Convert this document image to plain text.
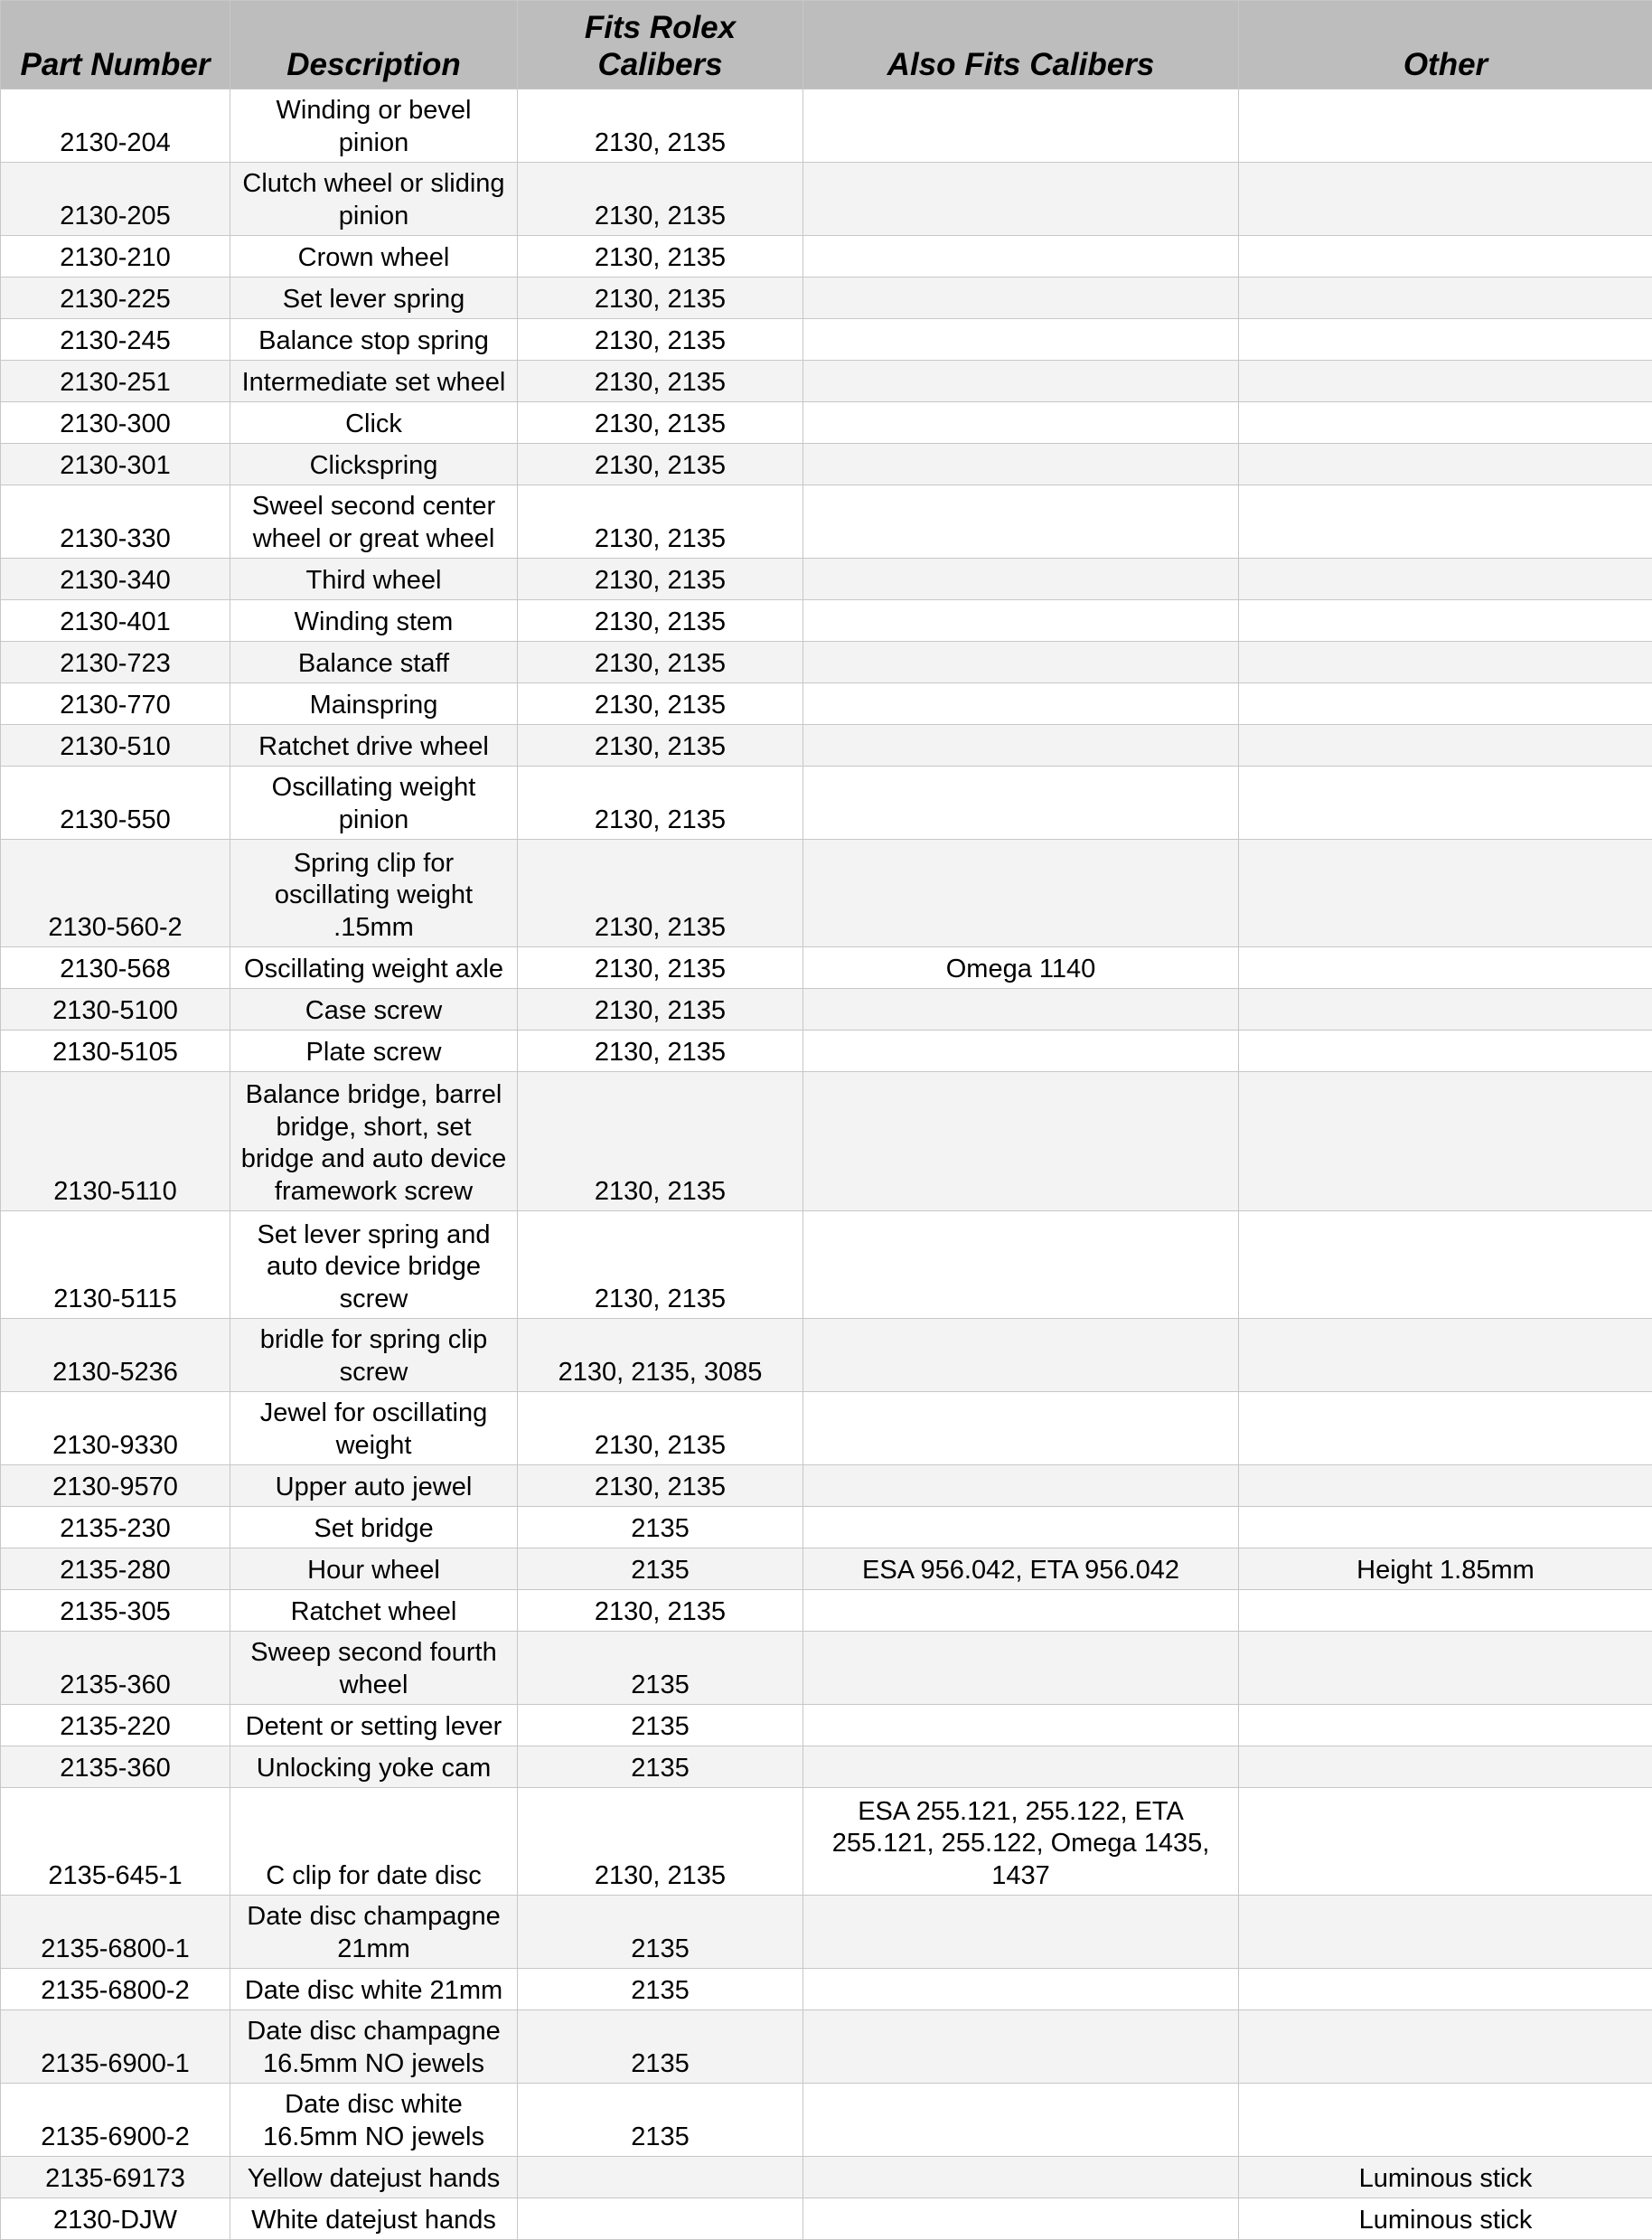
Part Number	Description	Fits Rolex Calibers	Also Fits Calibers	Other
2130-204	Winding or bevel pinion	2130, 2135		
2130-205	Clutch wheel or sliding pinion	2130, 2135		
2130-210	Crown wheel	2130, 2135		
2130-225	Set lever spring	2130, 2135		
2130-245	Balance stop spring	2130, 2135		
2130-251	Intermediate set wheel	2130, 2135		
2130-300	Click	2130, 2135		
2130-301	Clickspring	2130, 2135		
2130-330	Sweel second center wheel or great wheel	2130, 2135		
2130-340	Third wheel	2130, 2135		
2130-401	Winding stem	2130, 2135		
2130-723	Balance staff	2130, 2135		
2130-770	Mainspring	2130, 2135		
2130-510	Ratchet drive wheel	2130, 2135		
2130-550	Oscillating weight pinion	2130, 2135		
2130-560-2	Spring clip for oscillating weight .15mm	2130, 2135		
2130-568	Oscillating weight axle	2130, 2135	Omega 1140	
2130-5100	Case screw	2130, 2135		
2130-5105	Plate screw	2130, 2135		
2130-5110	Balance bridge, barrel bridge, short, set bridge and auto device framework screw	2130, 2135		
2130-5115	Set lever spring and auto device bridge screw	2130, 2135		
2130-5236	bridle for spring clip screw	2130, 2135, 3085		
2130-9330	Jewel for oscillating weight	2130, 2135		
2130-9570	Upper auto jewel	2130, 2135		
2135-230	Set bridge	2135		
2135-280	Hour wheel	2135	ESA 956.042, ETA 956.042	Height 1.85mm
2135-305	Ratchet wheel	2130, 2135		
2135-360	Sweep second fourth wheel	2135		
2135-220	Detent or setting lever	2135		
2135-360	Unlocking yoke cam	2135		
2135-645-1	C clip for date disc	2130, 2135	ESA 255.121, 255.122, ETA 255.121, 255.122, Omega 1435, 1437	
2135-6800-1	Date disc champagne 21mm	2135		
2135-6800-2	Date disc white 21mm	2135		
2135-6900-1	Date disc champagne 16.5mm NO jewels	2135		
2135-6900-2	Date disc white 16.5mm NO jewels	2135		
2135-69173	Yellow datejust hands			Luminous stick
2130-DJW	White datejust hands			Luminous stick
